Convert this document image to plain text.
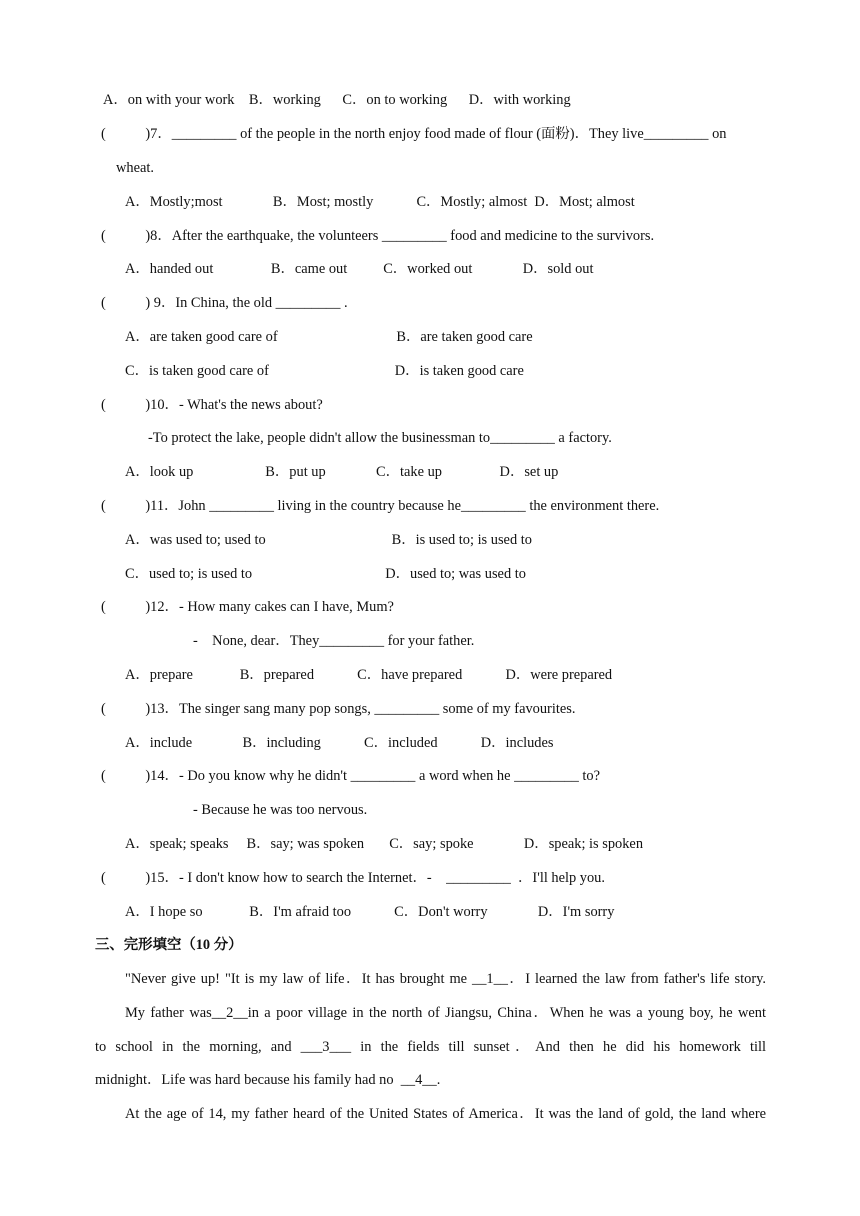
A．on with your work    B．working      C．on to working      D．with working
(           )7．_________ of the people in the north enjoy food made of flour (面粉)．They live_________ on
wheat.
A．Mostly;most              B．Most; mostly            C．Mostly; almost  D．Most; almost
(           )8．After the earthquake, the volunteers _________ food and medicine to the survivors.
A．handed out                B．came out          C．worked out              D．sold out
(           ) 9．In China, the old _________ .
A．are taken good care of                                 B．are taken good care
C．is taken good care of                                   D．is taken good care
(           )10．- What's the news about?
-To protect the lake, people didn't allow the businessman to_________ a factory.
A．look up                    B．put up              C．take up                D．set up
(           )11．John _________ living in the country because he_________ the environment there.
A．was used to; used to                                   B．is used to; is used to
C．used to; is used to                                     D．used to; was used to
(           )12．- How many cakes can I have, Mum?
-    None, dear．They_________ for your father.
A．prepare             B．prepared            C．have prepared            D．were prepared
(           )13．The singer sang many pop songs, _________ some of my favourites.
A．include              B．including            C．included            D．includes
(           )14．- Do you know why he didn't _________ a word when he _________ to?
- Because he was too nervous.
A．speak; speaks     B．say; was spoken       C．say; spoke              D．speak; is spoken
(           )15．- I don't know how to search the Internet．-    _________  ．I'll help you.
A．I hope so             B．I'm afraid too            C．Don't worry              D．I'm sorry
三、完形填空（10 分）
"Never give up! "It is my law of life．It has brought me __1__．I learned the law from father's life story.
My father was__2__in a poor village in the north of Jiangsu, China．When he was a young boy, he went
to school in the morning, and ___3___ in the fields till sunset．And then he did his homework till
midnight．Life was hard because his family had no  __4__.
At the age of 14, my father heard of the United States of America．It was the land of gold, the land where
